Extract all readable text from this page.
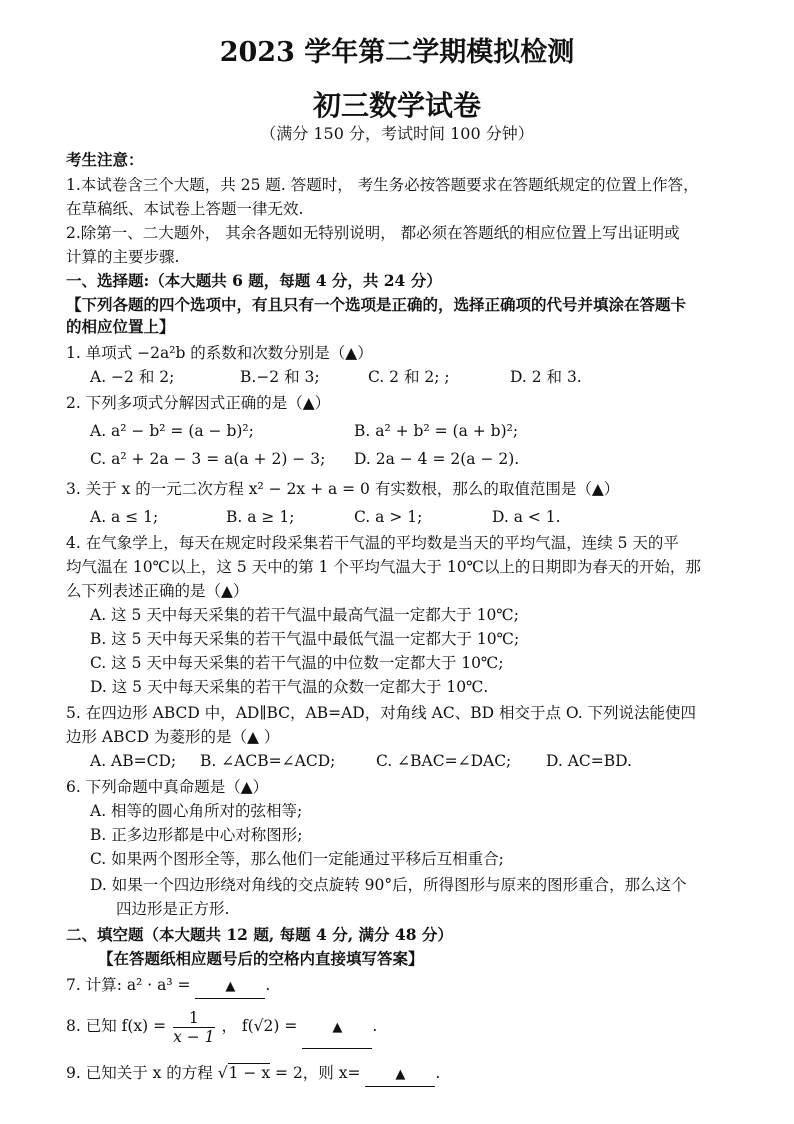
2023 学年第二学期模拟检测
初三数学试卷
（满分 150 分，考试时间 100 分钟）
考生注意：
1.本试卷含三个大题，共 25 题. 答题时， 考生务必按答题要求在答题纸规定的位置上作答，
在草稿纸、本试卷上答题一律无效.
2.除第一、二大题外， 其余各题如无特别说明， 都必须在答题纸的相应位置上写出证明或
计算的主要步骤.
一、选择题:（本大题共 6 题，每题 4 分，共 24 分）
【下列各题的四个选项中，有且只有一个选项是正确的，选择正确项的代号并填涂在答题卡
的相应位置上】
1. 单项式 −2a²b 的系数和次数分别是（▲）
A. −2 和 2;	B.−2 和 3;	C. 2 和 2; ;	D. 2 和 3.
2. 下列多项式分解因式正确的是（▲）
A. a² − b² = (a − b)²;	B. a² + b² = (a + b)²;
C. a² + 2a − 3 = a(a + 2) − 3; D. 2a − 4 = 2(a − 2).
3. 关于 x 的一元二次方程 x² − 2x + a = 0 有实数根，那么的取值范围是（▲）
A. a ≤ 1;	B. a ≥ 1;	C. a > 1;	D. a < 1.
4. 在气象学上，每天在规定时段采集若干气温的平均数是当天的平均气温，连续 5 天的平
均气温在 10℃以上，这 5 天中的第 1 个平均气温大于 10℃以上的日期即为春天的开始，那
么下列表述正确的是（▲）
A. 这 5 天中每天采集的若干气温中最高气温一定都大于 10℃;
B. 这 5 天中每天采集的若干气温中最低气温一定都大于 10℃;
C. 这 5 天中每天采集的若干气温的中位数一定都大于 10℃;
D. 这 5 天中每天采集的若干气温的众数一定都大于 10℃.
5. 在四边形 ABCD 中，AD∥BC，AB=AD，对角线 AC、BD 相交于点 O. 下列说法能使四
边形 ABCD 为菱形的是（▲ ）
A. AB=CD; B. ∠ACB=∠ACD;	C. ∠BAC=∠DAC; D. AC=BD.
6. 下列命题中真命题是（▲）
A. 相等的圆心角所对的弦相等;
B. 正多边形都是中心对称图形;
C. 如果两个图形全等，那么他们一定能通过平移后互相重合;
D. 如果一个四边形绕对角线的交点旋转 90°后，所得图形与原来的图形重合，那么这个
四边形是正方形.
二、填空题（本大题共 12 题, 每题 4 分, 满分 48 分）
【在答题纸相应题号后的空格内直接填写答案】
7. 计算: a² · a³ =	▲ .
8. 已知 $f(x) = \frac{1}{x - 1}$ ， f(√2) =	▲ .
9. 已知关于 x 的方程 √1 − x = 2，则 x=	▲ .
